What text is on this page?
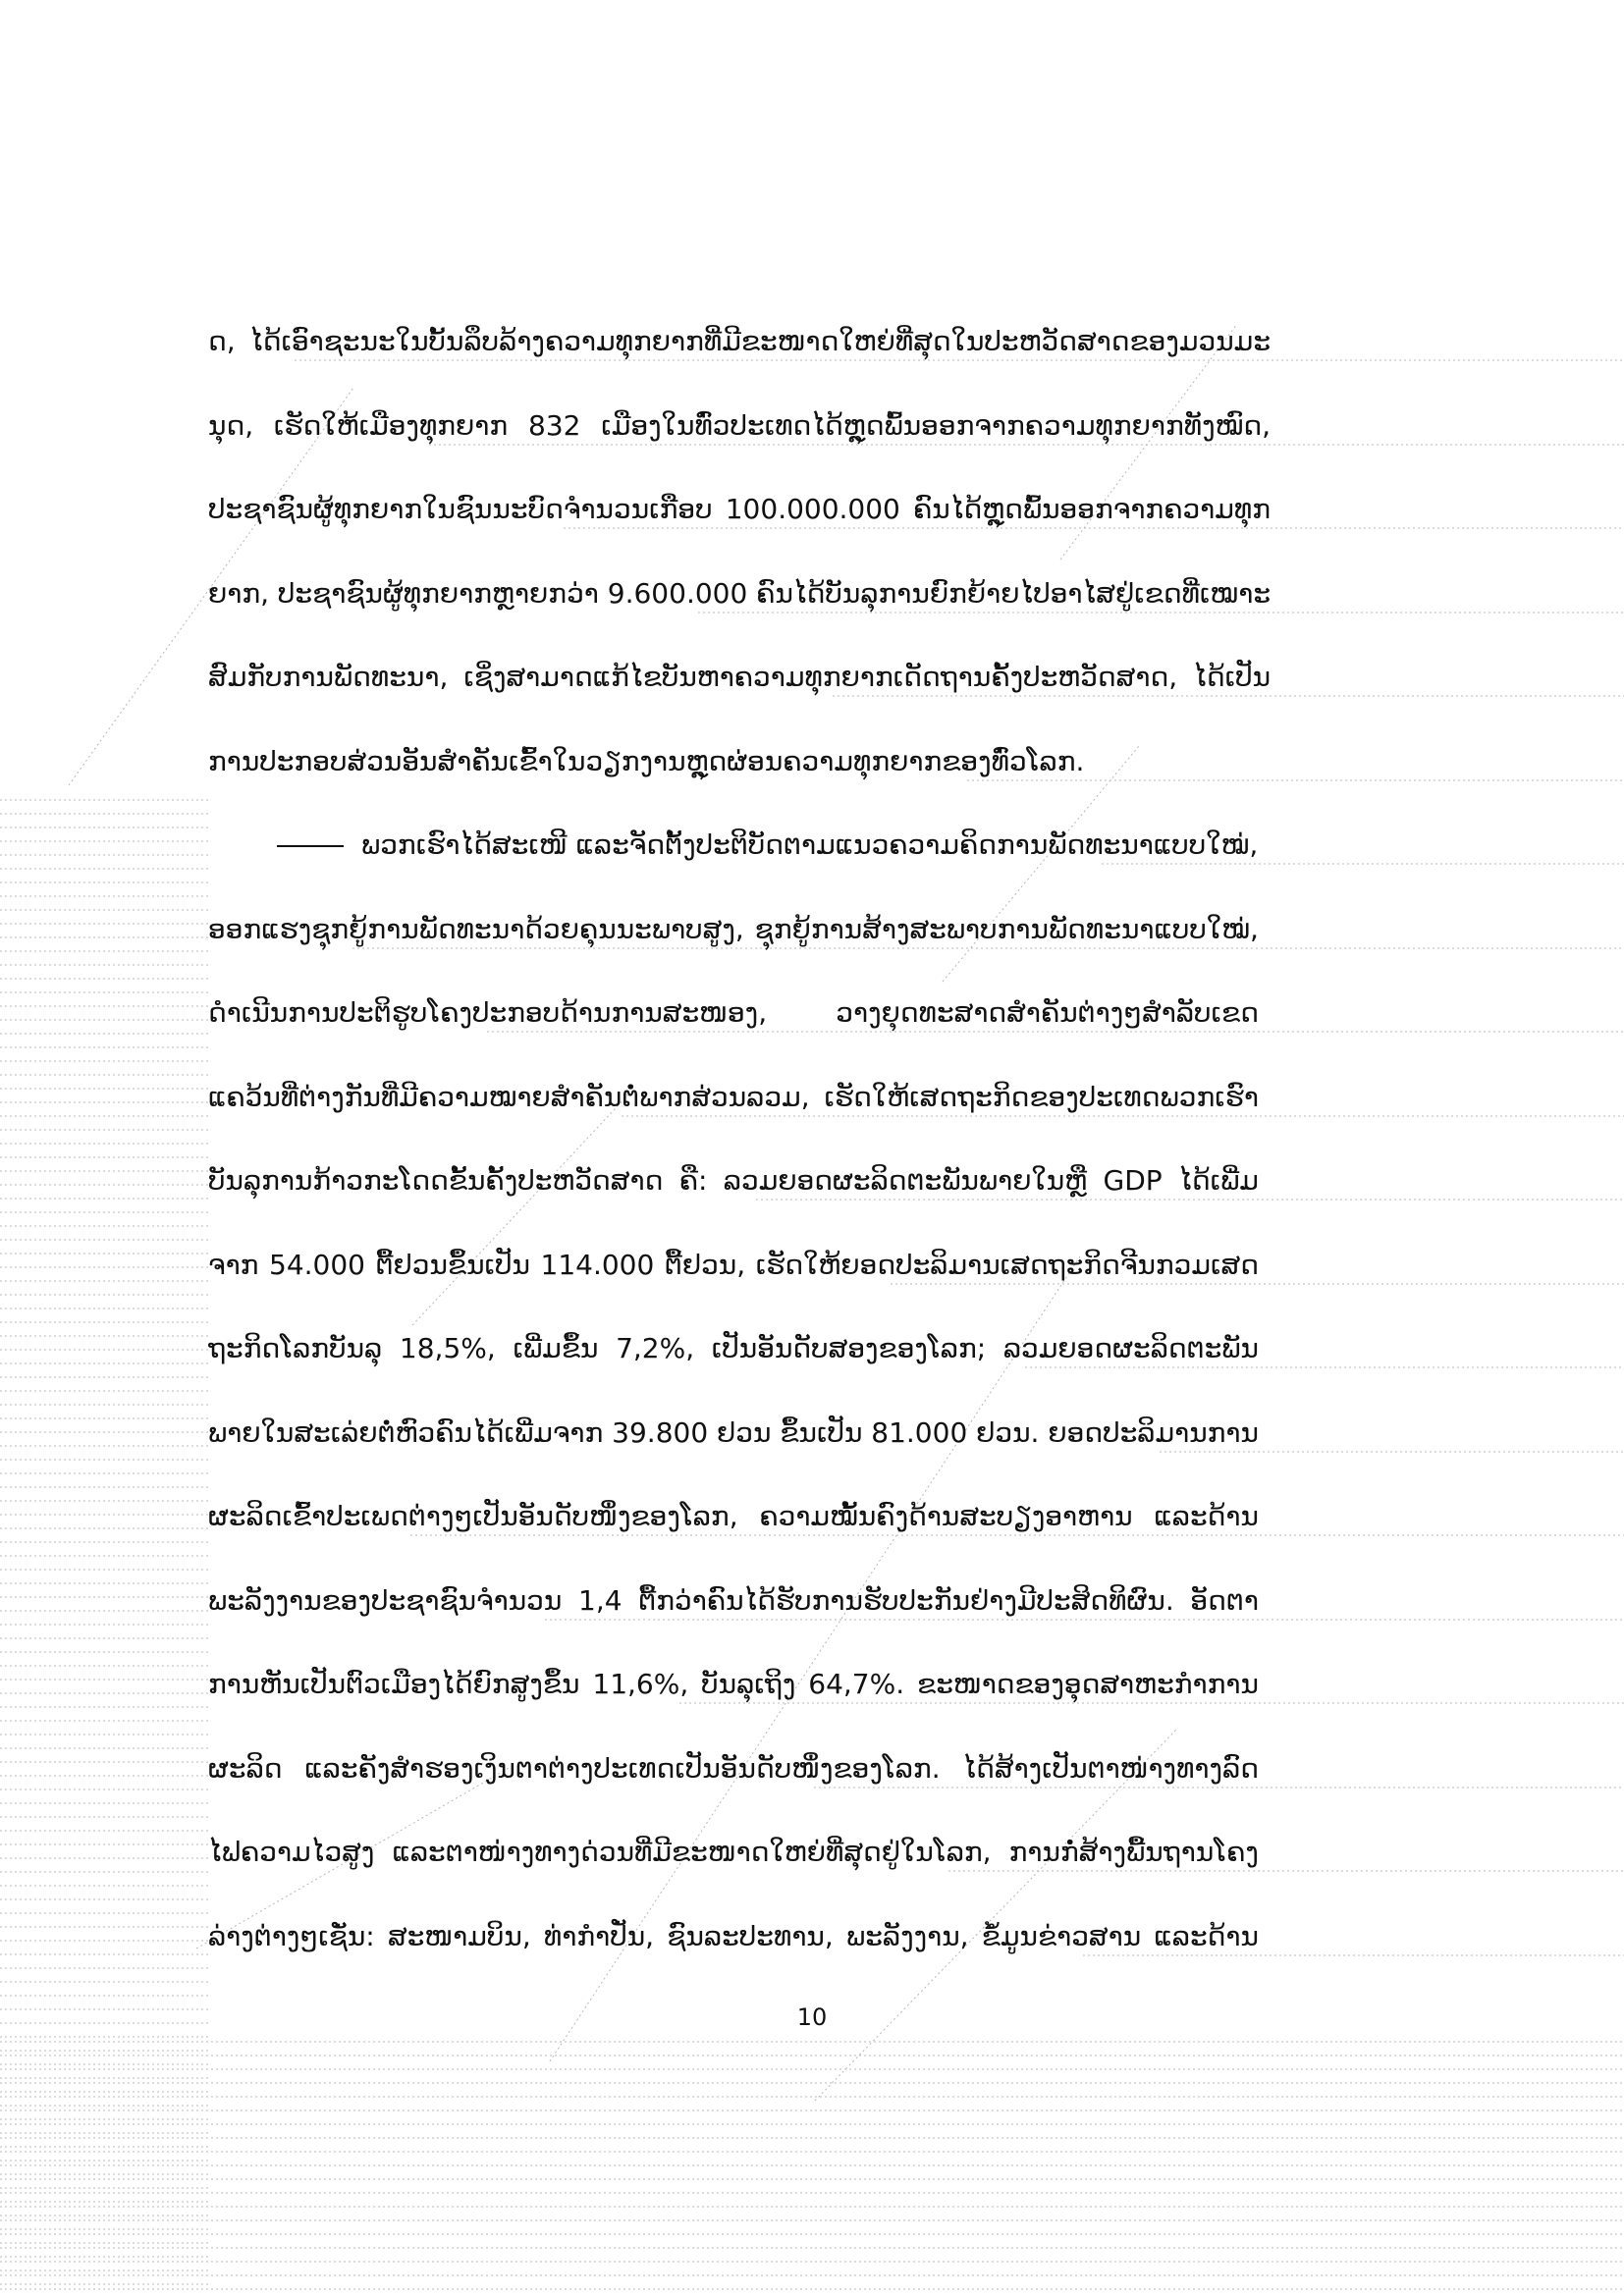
ດ, ໄດ້ເອົາຊະນະໃນບັ້ນລຶບລ້າງຄວາມທຸກຍາກທີ່ມີຂະໜາດໃຫຍ່ທີ່ສຸດໃນປະຫວັດສາດຂອງມວນມະ
ນຸດ, ເຮັດໃຫ້ເມືອງທຸກຍາກ 832 ເມືອງໃນທົ່ວປະເທດໄດ້ຫຼຸດພົ້ນອອກຈາກຄວາມທຸກຍາກທັງໝົດ,
ປະຊາຊົນຜູ້ທຸກຍາກໃນຊົນນະບົດຈຳນວນເກືອບ 100.000.000 ຄົນໄດ້ຫຼຸດພົ້ນອອກຈາກຄວາມທຸກ
ຍາກ, ປະຊາຊົນຜູ້ທຸກຍາກຫຼາຍກວ່າ 9.600.000 ຄົນໄດ້ບັນລຸການຍົກຍ້າຍໄປອາໄສຢູ່ເຂດທີ່ເໝາະ
ສົມກັບການພັດທະນາ, ເຊິ່ງສາມາດແກ້ໄຂບັນຫາຄວາມທຸກຍາກເດັດຖານຄັ້ງປະຫວັດສາດ, ໄດ້ເປັນ
ການປະກອບສ່ວນອັນສຳຄັນເຂົ້າໃນວຽກງານຫຼຸດຜ່ອນຄວາມທຸກຍາກຂອງທົ່ວໂລກ.
ພວກເຮົາໄດ້ສະເໜີ ແລະຈັດຕັ້ງປະຕິບັດຕາມແນວຄວາມຄິດການພັດທະນາແບບໃໝ່,
ອອກແຮງຊຸກຍູ້ການພັດທະນາດ້ວຍຄຸນນະພາບສູງ, ຊຸກຍູ້ການສ້າງສະພາບການພັດທະນາແບບໃໝ່,
ດຳເນີນການປະຕິຮູບໂຄງປະກອບດ້ານການສະໜອງ, ວາງຍຸດທະສາດສຳຄັນຕ່າງໆສຳລັບເຂດ
ແຄວ້ນທີ່ຕ່າງກັນທີ່ມີຄວາມໝາຍສຳຄັນຕໍ່ພາກສ່ວນລວມ, ເຮັດໃຫ້ເສດຖະກິດຂອງປະເທດພວກເຮົາ
ບັນລຸການກ້າວກະໂດດຂັ້ນຄັ້ງປະຫວັດສາດ ຄື: ລວມຍອດຜະລິດຕະພັນພາຍໃນຫຼື GDP ໄດ້ເພີ່ມ
ຈາກ 54.000 ຕື້ຢວນຂຶ້ນເປັນ 114.000 ຕື້ຢວນ, ເຮັດໃຫ້ຍອດປະລິມານເສດຖະກິດຈີນກວມເສດ
ຖະກິດໂລກບັນລຸ 18,5%, ເພີ່ມຂຶ້ນ 7,2%, ເປັນອັນດັບສອງຂອງໂລກ; ລວມຍອດຜະລິດຕະພັນ
ພາຍໃນສະເລ່ຍຕໍ່ຫົວຄົນໄດ້ເພີ່ມຈາກ 39.800 ຢວນ ຂຶ້ນເປັນ 81.000 ຢວນ. ຍອດປະລິມານການ
ຜະລິດເຂົ້າປະເພດຕ່າງໆເປັນອັນດັບໜຶ່ງຂອງໂລກ, ຄວາມໝັ້ນຄົງດ້ານສະບຽງອາຫານ ແລະດ້ານ
ພະລັງງານຂອງປະຊາຊົນຈຳນວນ 1,4 ຕື້ກວ່າຄົນໄດ້ຮັບການຮັບປະກັນຢ່າງມີປະສິດທິຜົນ. ອັດຕາ
ການຫັນເປັນຕົວເມືອງໄດ້ຍົກສູງຂຶ້ນ 11,6%, ບັນລຸເຖິງ 64,7%. ຂະໜາດຂອງອຸດສາຫະກຳການ
ຜະລິດ ແລະຄັງສຳຮອງເງິນຕາຕ່າງປະເທດເປັນອັນດັບໜຶ່ງຂອງໂລກ. ໄດ້ສ້າງເປັນຕາໜ່າງທາງລົດ
ໄຟຄວາມໄວສູງ ແລະຕາໜ່າງທາງດ່ວນທີ່ມີຂະໜາດໃຫຍ່ທີ່ສຸດຢູ່ໃນໂລກ, ການກໍ່ສ້າງພື້ນຖານໂຄງ
ລ່າງຕ່າງໆເຊັ່ນ: ສະໜາມບິນ, ທ່າກຳປັ່ນ, ຊົນລະປະທານ, ພະລັງງານ, ຂໍ້ມູນຂ່າວສານ ແລະດ້ານ
10
